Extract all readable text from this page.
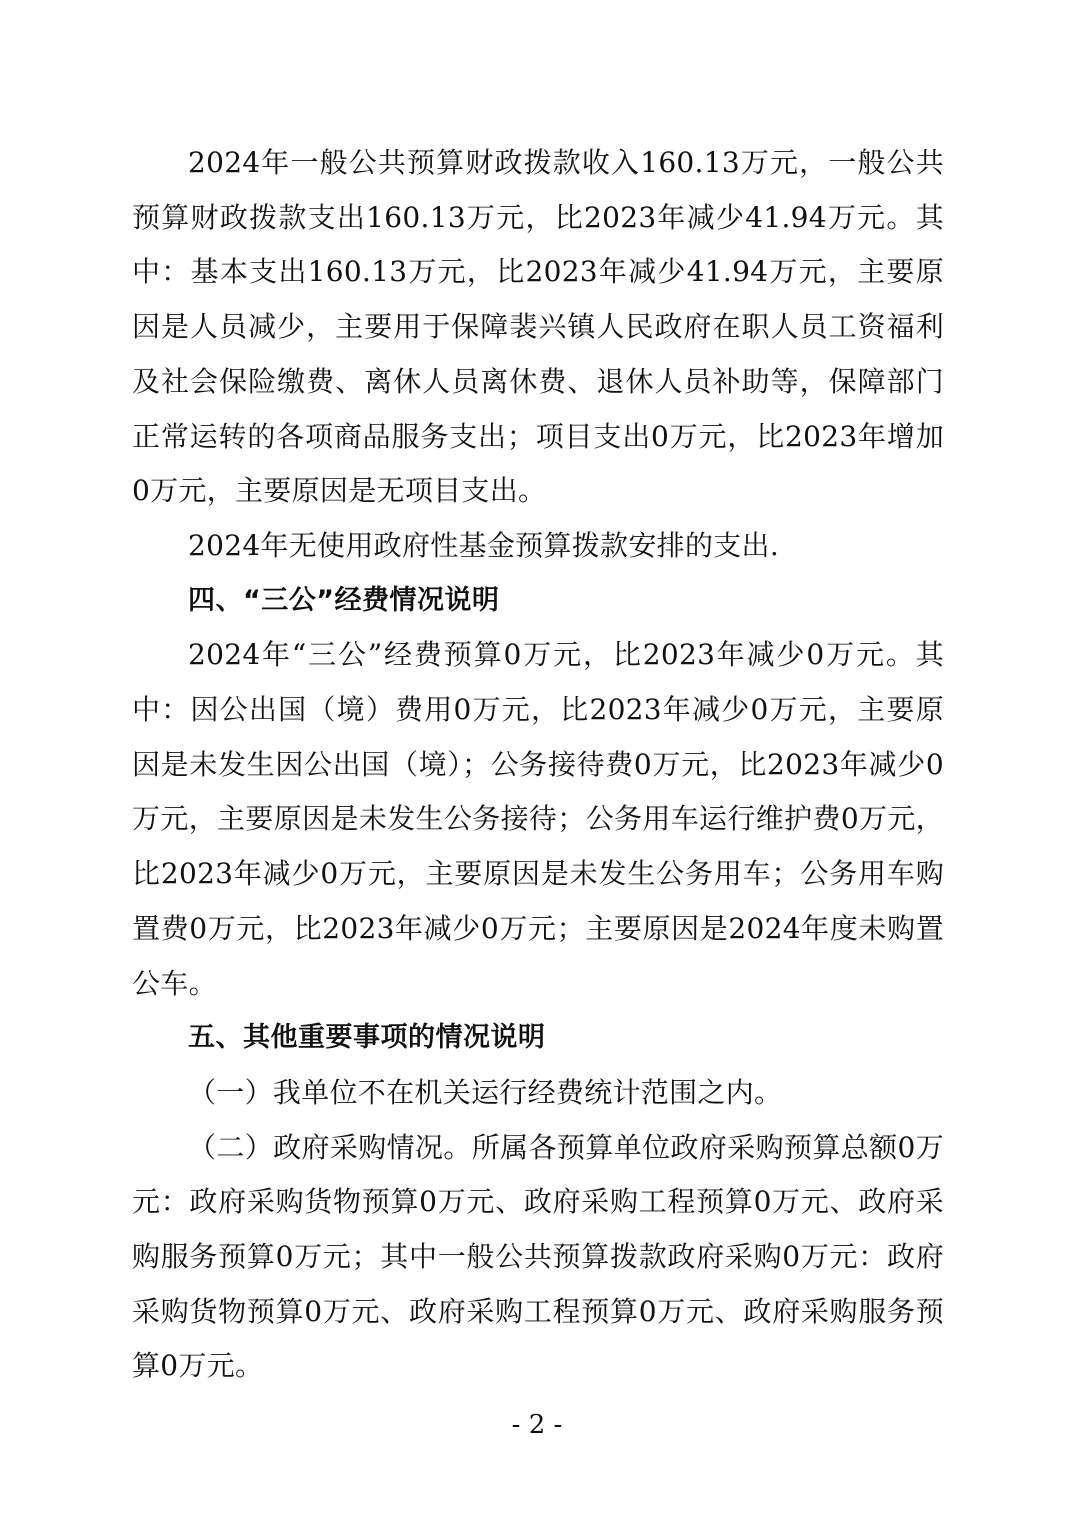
2024年一般公共预算财政拨款收入160.13万元，一般公共预算财政拨款支出160.13万元，比2023年减少41.94万元。其中：基本支出160.13万元，比2023年减少41.94万元，主要原因是人员减少，主要用于保障裴兴镇人民政府在职人员工资福利及社会保险缴费、离休人员离休费、退休人员补助等，保障部门正常运转的各项商品服务支出；项目支出0万元，比2023年增加0万元，主要原因是无项目支出。

2024年无使用政府性基金预算拨款安排的支出.

四、“三公”经费情况说明

2024年“三公”经费预算0万元，比2023年减少0万元。其中：因公出国（境）费用0万元，比2023年减少0万元，主要原因是未发生因公出国（境）；公务接待费0万元，比2023年减少0万元，主要原因是未发生公务接待；公务用车运行维护费0万元，比2023年减少0万元，主要原因是未发生公务用车；公务用车购置费0万元，比2023年减少0万元；主要原因是2024年度未购置公车。

五、其他重要事项的情况说明

（一）我单位不在机关运行经费统计范围之内。

（二）政府采购情况。所属各预算单位政府采购预算总额0万元：政府采购货物预算0万元、政府采购工程预算0万元、政府采购服务预算0万元；其中一般公共预算拨款政府采购0万元：政府采购货物预算0万元、政府采购工程预算0万元、政府采购服务预算0万元。

- 2 -
